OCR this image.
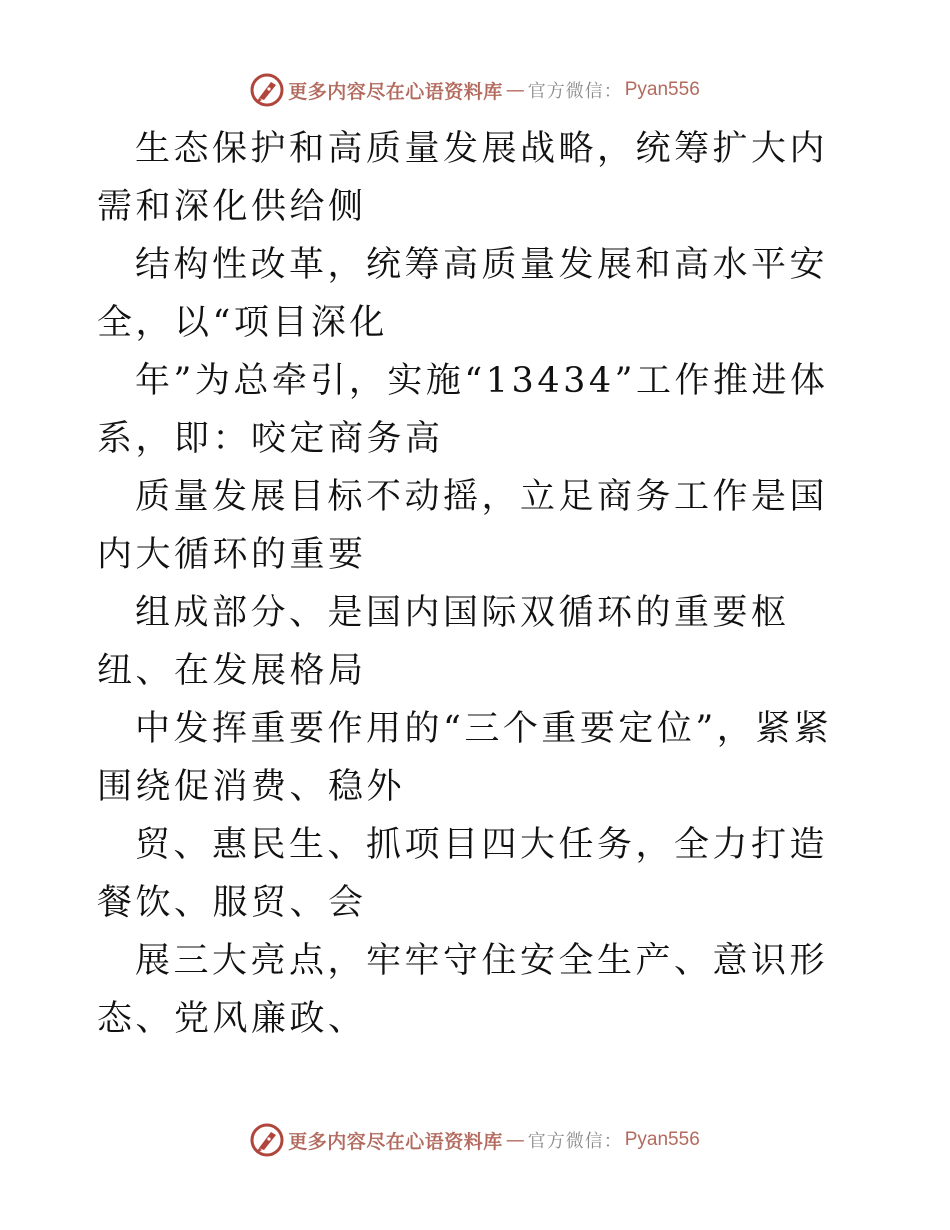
更多内容尽在心语资料库 — 官方微信： Pyan556

生态保护和高质量发展战略，统筹扩大内需和深化供给侧

结构性改革，统筹高质量发展和高水平安全，以“项目深化

年”为总牵引，实施“13434”工作推进体系，即：咬定商务高

质量发展目标不动摇，立足商务工作是国内大循环的重要

组成部分、是国内国际双循环的重要枢纽、在发展格局

中发挥重要作用的“三个重要定位”，紧紧围绕促消费、稳外

贸、惠民生、抓项目四大任务，全力打造餐饮、服贸、会

展三大亮点，牢牢守住安全生产、意识形态、党风廉政、

更多内容尽在心语资料库 — 官方微信： Pyan556
